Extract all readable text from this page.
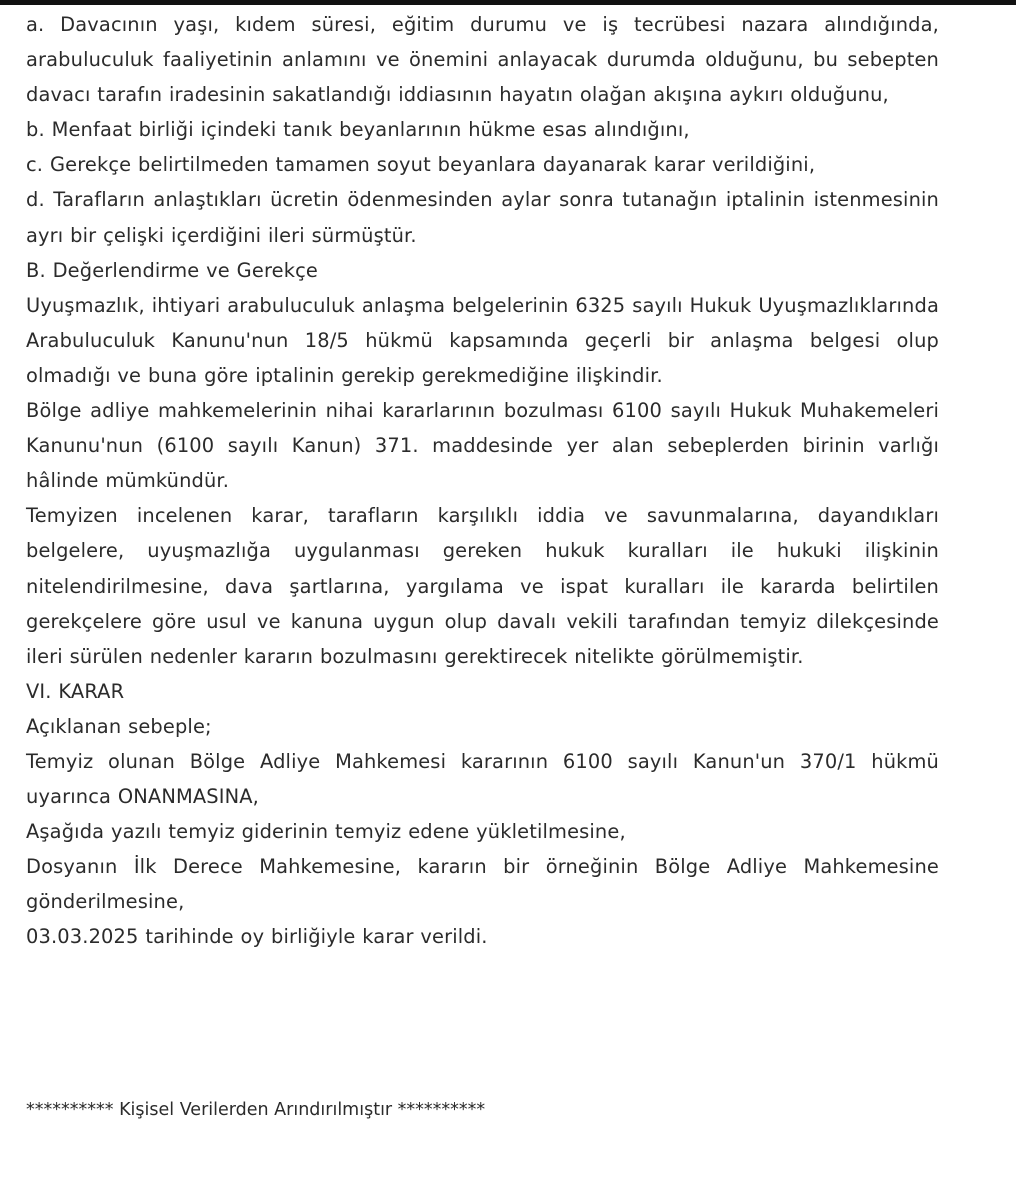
a. Davacının yaşı, kıdem süresi, eğitim durumu ve iş tecrübesi nazara alındığında, arabuluculuk faaliyetinin anlamını ve önemini anlayacak durumda olduğunu, bu sebepten davacı tarafın iradesinin sakatlandığı iddiasının hayatın olağan akışına aykırı olduğunu,

b. Menfaat birliği içindeki tanık beyanlarının hükme esas alındığını,

c. Gerekçe belirtilmeden tamamen soyut beyanlara dayanarak karar verildiğini,

d. Tarafların anlaştıkları ücretin ödenmesinden aylar sonra tutanağın iptalinin istenmesinin ayrı bir çelişki içerdiğini ileri sürmüştür.

B. Değerlendirme ve Gerekçe

Uyuşmazlık, ihtiyari arabuluculuk anlaşma belgelerinin 6325 sayılı Hukuk Uyuşmazlıklarında Arabuluculuk Kanunu'nun 18/5 hükmü kapsamında geçerli bir anlaşma belgesi olup olmadığı ve buna göre iptalinin gerekip gerekmediğine ilişkindir.

Bölge adliye mahkemelerinin nihai kararlarının bozulması 6100 sayılı Hukuk Muhakemeleri Kanunu'nun (6100 sayılı Kanun) 371. maddesinde yer alan sebeplerden birinin varlığı hâlinde mümkündür.

Temyizen incelenen karar, tarafların karşılıklı iddia ve savunmalarına, dayandıkları belgelere, uyuşmazlığa uygulanması gereken hukuk kuralları ile hukuki ilişkinin nitelendirilmesine, dava şartlarına, yargılama ve ispat kuralları ile kararda belirtilen gerekçelere göre usul ve kanuna uygun olup davalı vekili tarafından temyiz dilekçesinde ileri sürülen nedenler kararın bozulmasını gerektirecek nitelikte görülmemiştir.

VI. KARAR

Açıklanan sebeple;

Temyiz olunan Bölge Adliye Mahkemesi kararının 6100 sayılı Kanun'un 370/1 hükmü uyarınca ONANMASINA,

Aşağıda yazılı temyiz giderinin temyiz edene yükletilmesine,

Dosyanın İlk Derece Mahkemesine, kararın bir örneğinin Bölge Adliye Mahkemesine gönderilmesine,

03.03.2025 tarihinde oy birliğiyle karar verildi.

********** Kişisel Verilerden Arındırılmıştır **********
